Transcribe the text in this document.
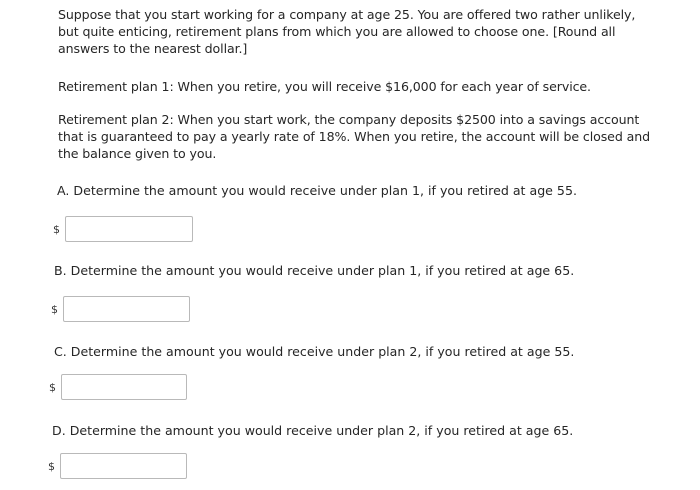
Suppose that you start working for a company at age 25. You are offered two rather unlikely, but quite enticing, retirement plans from which you are allowed to choose one. [Round all answers to the nearest dollar.]
Retirement plan 1: When you retire, you will receive $16,000 for each year of service.
Retirement plan 2: When you start work, the company deposits $2500 into a savings account that is guaranteed to pay a yearly rate of 18%. When you retire, the account will be closed and the balance given to you.
A. Determine the amount you would receive under plan 1, if you retired at age 55.
$
B. Determine the amount you would receive under plan 1, if you retired at age 65.
$
C. Determine the amount you would receive under plan 2, if you retired at age 55.
$
D. Determine the amount you would receive under plan 2, if you retired at age 65.
$
